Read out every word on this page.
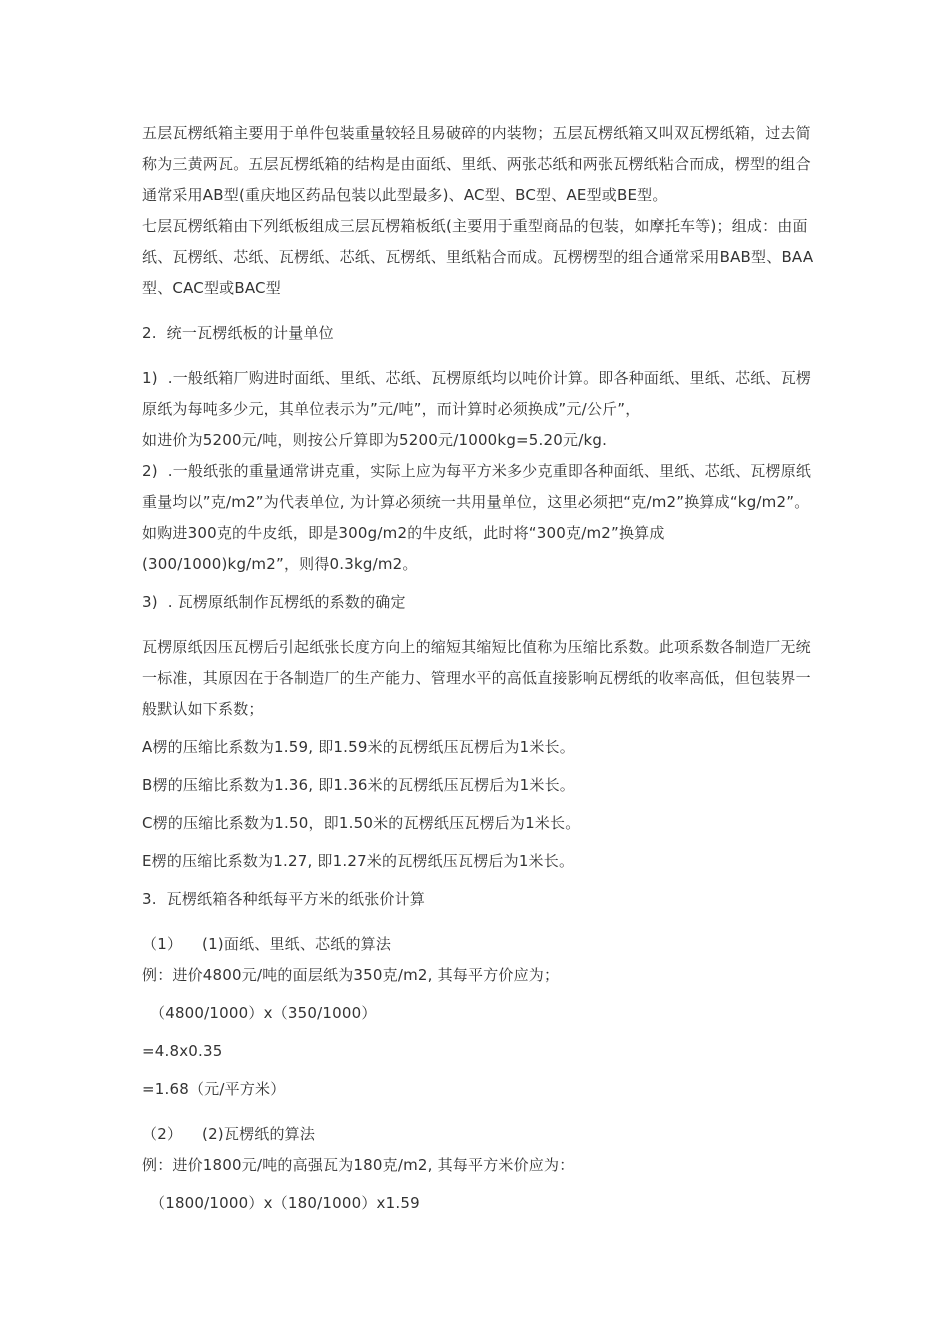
五层瓦楞纸箱主要用于单件包装重量较轻且易破碎的内装物；五层瓦楞纸箱又叫双瓦楞纸箱，过去简称为三黄两瓦。五层瓦楞纸箱的结构是由面纸、里纸、两张芯纸和两张瓦楞纸粘合而成，楞型的组合通常采用AB型(重庆地区药品包装以此型最多)、AC型、BC型、AE型或BE型。

七层瓦楞纸箱由下列纸板组成三层瓦楞箱板纸(主要用于重型商品的包装，如摩托车等)；组成：由面纸、瓦楞纸、芯纸、瓦楞纸、芯纸、瓦楞纸、里纸粘合而成。瓦楞楞型的组合通常采用BAB型、BAA型、CAC型或BAC型

2.  统一瓦楞纸板的计量单位

1)  .一般纸箱厂购进时面纸、里纸、芯纸、瓦楞原纸均以吨价计算。即各种面纸、里纸、芯纸、瓦楞原纸为每吨多少元，其单位表示为”元/吨”，而计算时必须换成”元/公斤”，

如进价为5200元/吨，则按公斤算即为5200元/1000kg=5.20元/kg.

2)  .一般纸张的重量通常讲克重，实际上应为每平方米多少克重即各种面纸、里纸、芯纸、瓦楞原纸重量均以”克/m2”为代表单位, 为计算必须统一共用量单位，这里必须把“克/m2”换算成“kg/m2”。

如购进300克的牛皮纸，即是300g/m2的牛皮纸，此时将“300克/m2”换算成(300/1000)kg/m2”，则得0.3kg/m2。

3)  . 瓦楞原纸制作瓦楞纸的系数的确定

瓦楞原纸因压瓦楞后引起纸张长度方向上的缩短其缩短比值称为压缩比系数。此项系数各制造厂无统一标准，其原因在于各制造厂的生产能力、管理水平的高低直接影响瓦楞纸的收率高低，但包装界一般默认如下系数；

A楞的压缩比系数为1.59, 即1.59米的瓦楞纸压瓦楞后为1米长。

B楞的压缩比系数为1.36, 即1.36米的瓦楞纸压瓦楞后为1米长。

C楞的压缩比系数为1.50，即1.50米的瓦楞纸压瓦楞后为1米长。

E楞的压缩比系数为1.27, 即1.27米的瓦楞纸压瓦楞后为1米长。

3.  瓦楞纸箱各种纸每平方米的纸张价计算

（1）    (1)面纸、里纸、芯纸的算法

例：进价4800元/吨的面层纸为350克/m2, 其每平方价应为；

（4800/1000）x（350/1000）

=4.8x0.35

=1.68（元/平方米）

（2）    (2)瓦楞纸的算法

例：进价1800元/吨的高强瓦为180克/m2, 其每平方米价应为：

（1800/1000）x（180/1000）x1.59
